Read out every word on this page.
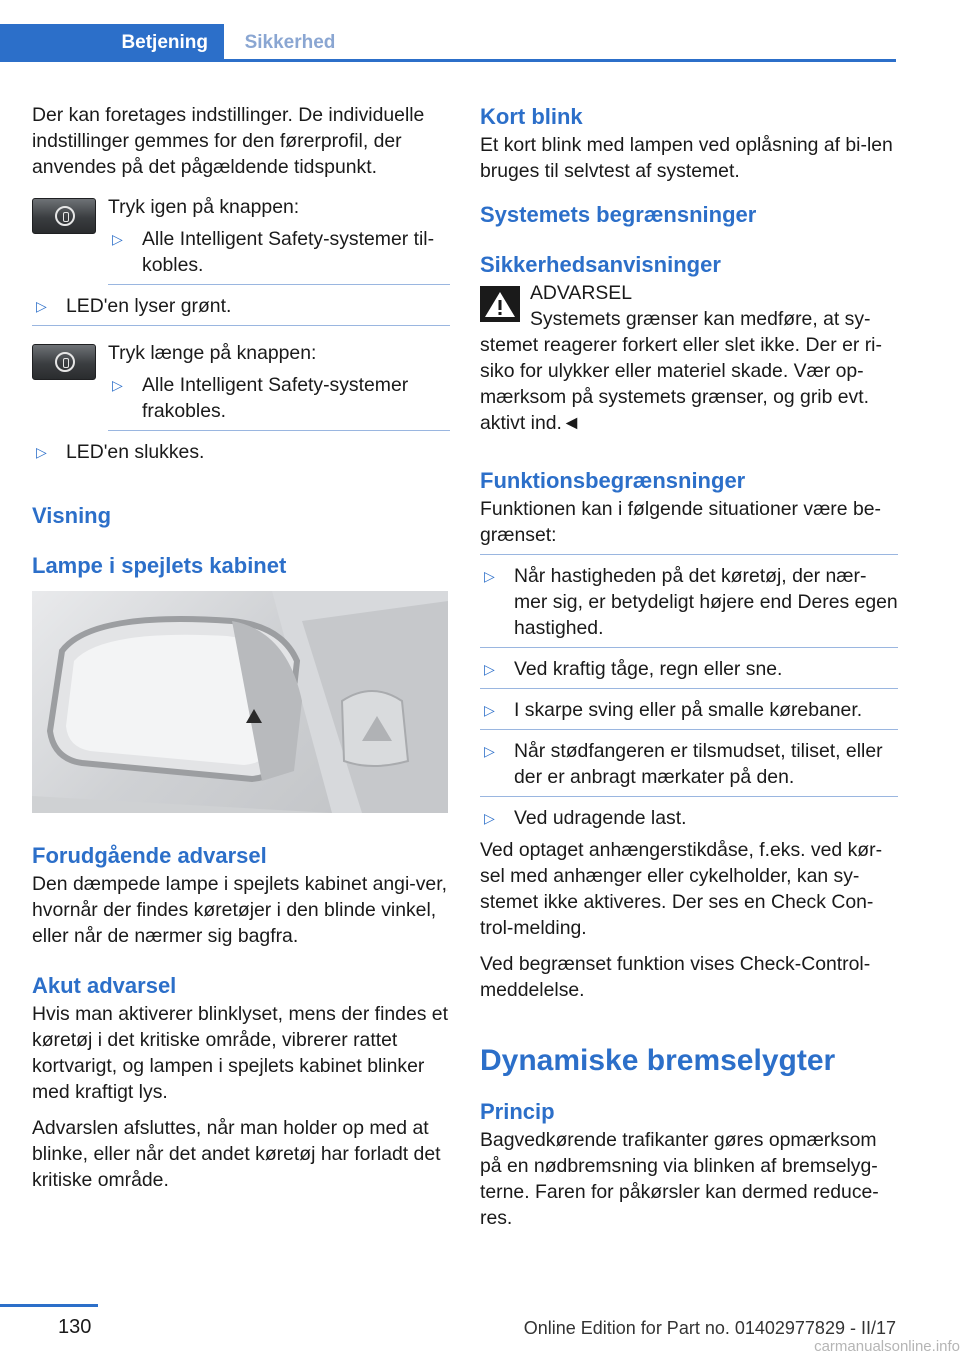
Betjening Sikkerhed

Der kan foretages indstillinger. De individuelle indstillinger gemmes for den førerprofil, der anvendes på det pågældende tidspunkt.

Tryk igen på knappen:

▷ Alle Intelligent Safety-systemer til-kobles.
▷ LED'en lyser grønt.

Tryk længe på knappen:

▷ Alle Intelligent Safety-systemer frakobles.
▷ LED'en slukkes.
Visning
Lampe i spejlets kabinet
Forudgående advarsel

Den dæmpede lampe i spejlets kabinet angi-ver, hvornår der findes køretøjer i den blinde vinkel, eller når de nærmer sig bagfra.

Akut advarsel

Hvis man aktiverer blinklyset, mens der findes et køretøj i det kritiske område, vibrerer rattet kortvarigt, og lampen i spejlets kabinet blinker med kraftigt lys.

Advarslen afsluttes, når man holder op med at blinke, eller når det andet køretøj har forladt det kritiske område.

Kort blink

Et kort blink med lampen ved oplåsning af bi-len bruges til selvtest af systemet.

Systemets begrænsninger
Sikkerhedsanvisninger

ADVARSEL

Systemets grænser kan medføre, at sy-stemet reagerer forkert eller slet ikke. Der er ri-siko for ulykker eller materiel skade. Vær op-mærksom på systemets grænser, og grib evt. aktivt ind.◄

Funktionsbegrænsninger

Funktionen kan i følgende situationer være be-grænset:

▷ Når hastigheden på det køretøj, der nær-mer sig, er betydeligt højere end Deres egen hastighed.
▷ Ved kraftig tåge, regn eller sne.
▷ I skarpe sving eller på smalle kørebaner.
▷ Når stødfangeren er tilsmudset, tiliset, eller der er anbragt mærkater på den.
▷ Ved udragende last.

Ved optaget anhængerstikdåse, f.eks. ved kør-sel med anhænger eller cykelholder, kan sy-stemet ikke aktiveres. Der ses en Check Con-trol-melding.

Ved begrænset funktion vises Check-Control-meddelelse.

Dynamiske bremselygter
Princip

Bagvedkørende trafikanter gøres opmærksom på en nødbremsning via blinken af bremselyg-terne. Faren for påkørsler kan dermed reduce-res.

130	Online Edition for Part no. 01402977829 - II/17
carmanualsonline.info
